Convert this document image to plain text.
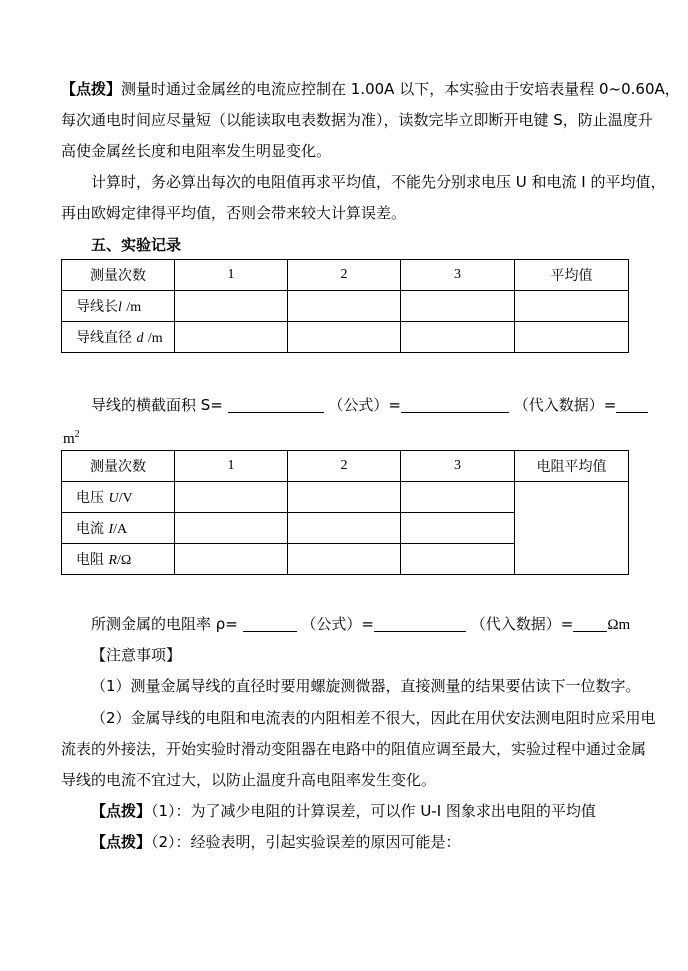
【点拨】测量时通过金属丝的电流应控制在 1.00A 以下，本实验由于安培表量程 0~0.60A，
每次通电时间应尽量短（以能读取电表数据为准），读数完毕立即断开电键 S，防止温度升
高使金属丝长度和电阻率发生明显变化。
计算时，务必算出每次的电阻值再求平均值，不能先分别求电压 U 和电流 I 的平均值，
再由欧姆定律得平均值，否则会带来较大计算误差。
五、实验记录
测量次数	1	2	3	平均值
导线长l /m				
导线直径 d /m				
导线的横截面积 S=	（公式）=	（代入数据）=
$m^2$
测量次数	1	2	3	电阻平均值
电压 U/V				
电流 I/A				
电阻 R/Ω				
所测金属的电阻率 ρ=	（公式）=	（代入数据）= Ωm
【注意事项】
（1）测量金属导线的直径时要用螺旋测微器，直接测量的结果要估读下一位数字。
（2）金属导线的电阻和电流表的内阻相差不很大，因此在用伏安法测电阻时应采用电
流表的外接法，开始实验时滑动变阻器在电路中的阻值应调至最大，实验过程中通过金属
导线的电流不宜过大，以防止温度升高电阻率发生变化。
【点拨】（1）：为了减少电阻的计算误差，可以作 U-I 图象求出电阻的平均值
【点拨】（2）：经验表明，引起实验误差的原因可能是：
